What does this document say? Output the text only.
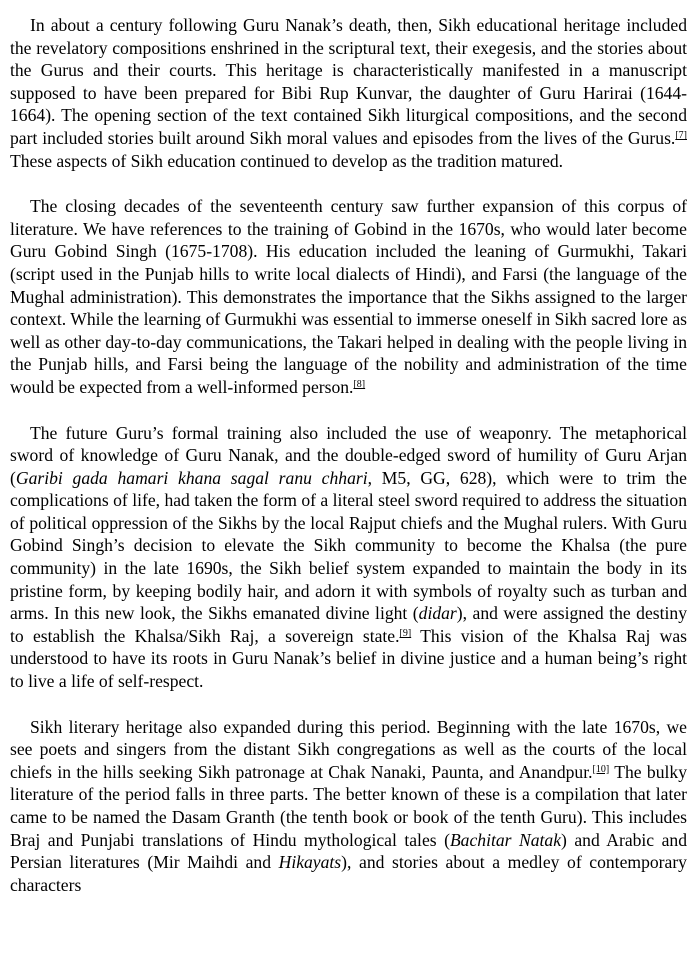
In about a century following Guru Nanak’s death, then, Sikh educational heritage included the revelatory compositions enshrined in the scriptural text, their exegesis, and the stories about the Gurus and their courts. This heritage is characteristically manifested in a manuscript supposed to have been prepared for Bibi Rup Kunvar, the daughter of Guru Harirai (1644-1664). The opening section of the text contained Sikh liturgical compositions, and the second part included stories built around Sikh moral values and episodes from the lives of the Gurus.[7] These aspects of Sikh education continued to develop as the tradition matured.

The closing decades of the seventeenth century saw further expansion of this corpus of literature. We have references to the training of Gobind in the 1670s, who would later become Guru Gobind Singh (1675-1708). His education included the leaning of Gurmukhi, Takari (script used in the Punjab hills to write local dialects of Hindi), and Farsi (the language of the Mughal administration). This demonstrates the importance that the Sikhs assigned to the larger context. While the learning of Gurmukhi was essential to immerse oneself in Sikh sacred lore as well as other day-to-day communications, the Takari helped in dealing with the people living in the Punjab hills, and Farsi being the language of the nobility and administration of the time would be expected from a well-informed person.[8]

The future Guru’s formal training also included the use of weaponry. The metaphorical sword of knowledge of Guru Nanak, and the double-edged sword of humility of Guru Arjan (Garibi gada hamari khana sagal ranu chhari, M5, GG, 628), which were to trim the complications of life, had taken the form of a literal steel sword required to address the situation of political oppression of the Sikhs by the local Rajput chiefs and the Mughal rulers. With Guru Gobind Singh’s decision to elevate the Sikh community to become the Khalsa (the pure community) in the late 1690s, the Sikh belief system expanded to maintain the body in its pristine form, by keeping bodily hair, and adorn it with symbols of royalty such as turban and arms. In this new look, the Sikhs emanated divine light (didar), and were assigned the destiny to establish the Khalsa/Sikh Raj, a sovereign state.[9] This vision of the Khalsa Raj was understood to have its roots in Guru Nanak’s belief in divine justice and a human being’s right to live a life of self-respect.

Sikh literary heritage also expanded during this period. Beginning with the late 1670s, we see poets and singers from the distant Sikh congregations as well as the courts of the local chiefs in the hills seeking Sikh patronage at Chak Nanaki, Paunta, and Anandpur.[10] The bulky literature of the period falls in three parts. The better known of these is a compilation that later came to be named the Dasam Granth (the tenth book or book of the tenth Guru). This includes Braj and Punjabi translations of Hindu mythological tales (Bachitar Natak) and Arabic and Persian literatures (Mir Maihdi and Hikayats), and stories about a medley of contemporary characters
